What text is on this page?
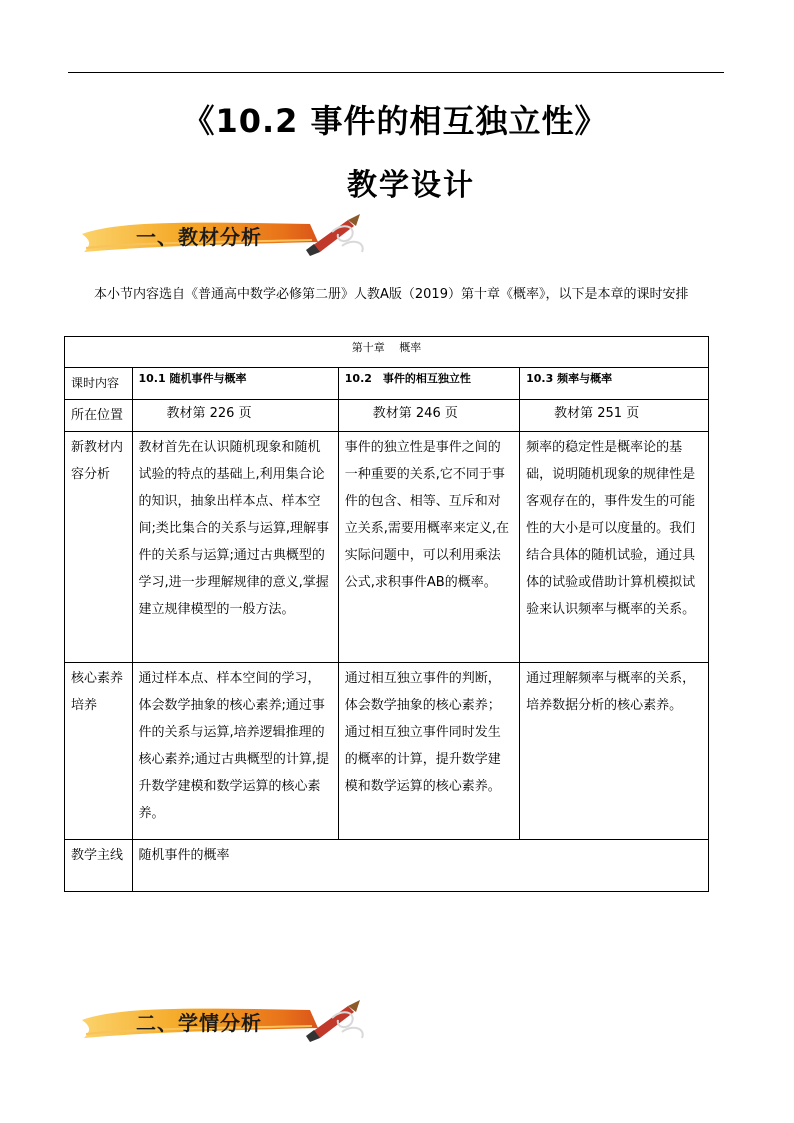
《10.2 事件的相互独立性》
教学设计
一、教材分析

本小节内容选自《普通高中数学必修第二册》人教A版（2019）第十章《概率》，以下是本章的课时安排

第十章　 概率			
课时内容	10.1 随机事件与概率	10.2　事件的相互独立性	10.3 频率与概率
所在位置	教材第 226 页	教材第 246 页	教材第 251 页
新教材内容分析	教材首先在认识随机现象和随机试验的特点的基础上,利用集合论的知识，抽象出样本点、样本空间;类比集合的关系与运算,理解事件的关系与运算;通过古典概型的学习,进一步理解规律的意义,掌握建立规律模型的一般方法。	事件的独立性是事件之间的一种重要的关系,它不同于事件的包含、相等、互斥和对立关系,需要用概率来定义,在实际问题中，可以利用乘法公式,求积事件AB的概率。	频率的稳定性是概率论的基础，说明随机现象的规律性是客观存在的，事件发生的可能性的大小是可以度量的。我们结合具体的随机试验，通过具体的试验或借助计算机模拟试验来认识频率与概率的关系。
核心素养培养	通过样本点、样本空间的学习，体会数学抽象的核心素养;通过事件的关系与运算,培养逻辑推理的核心素养;通过古典概型的计算,提升数学建模和数学运算的核心素养。	通过相互独立事件的判断，体会数学抽象的核心素养；通过相互独立事件同时发生的概率的计算，提升数学建模和数学运算的核心素养。	通过理解频率与概率的关系，培养数据分析的核心素养。
教学主线	随机事件的概率		
二、学情分析
